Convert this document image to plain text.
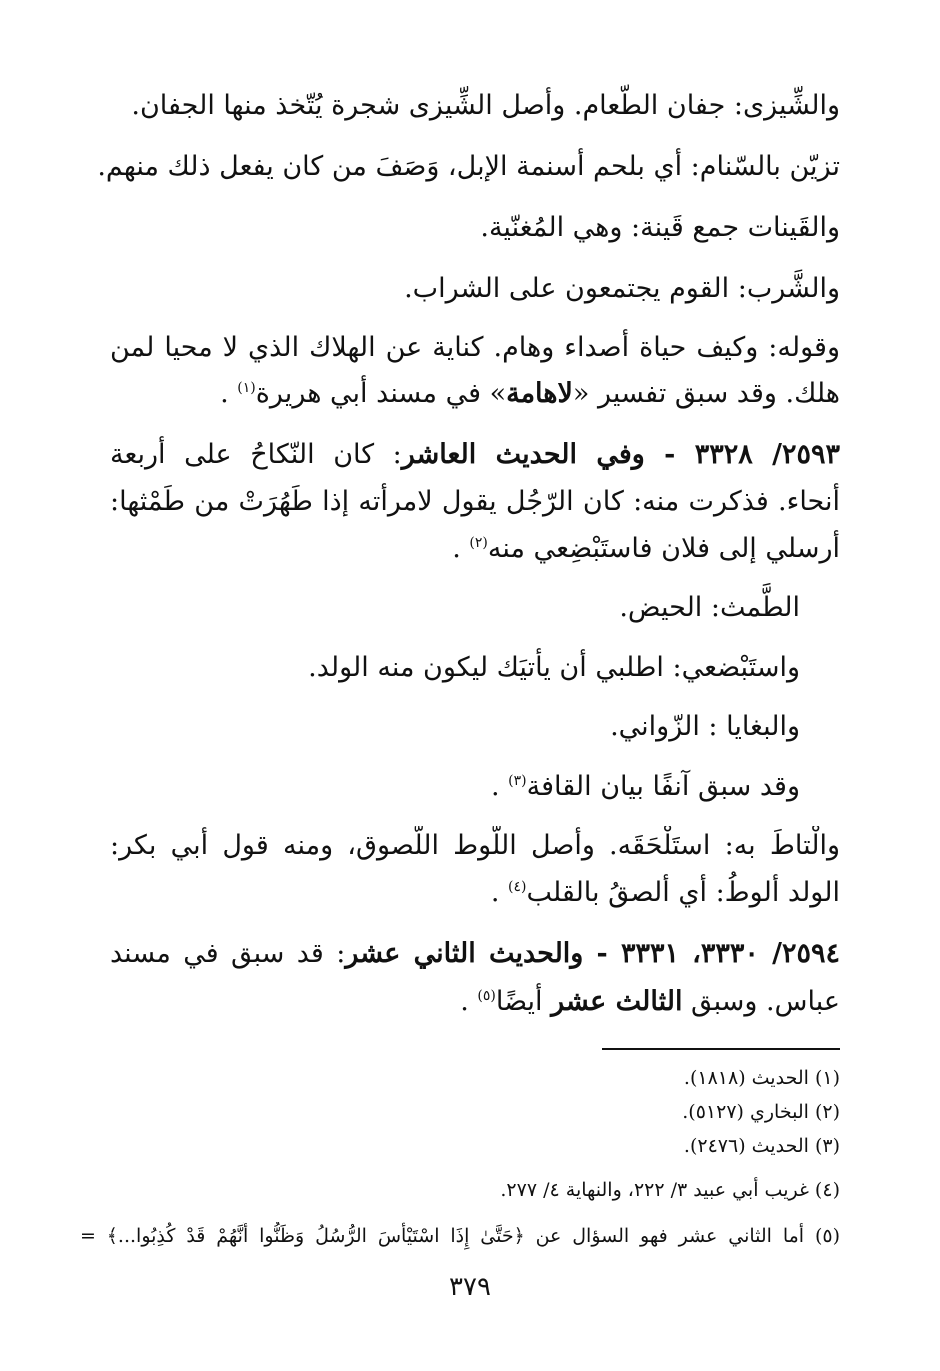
والشِّيزى: جفان الطّعام. وأصل الشِّيزى شجرة يُتّخذ منها الجفان.
تزيّن بالسّنام: أي بلحم أسنمة الإبل، وَصَفَ من كان يفعل ذلك منهم.
والقَينات جمع قَينة: وهي المُغنّية.
والشَّرب: القوم يجتمعون على الشراب.
وقوله: وكيف حياة أصداء وهام. كناية عن الهلاك الذي لا محيا لمن
هلك. وقد سبق تفسير «لاهامة» في مسند أبي هريرة$^{(١)}$ .
٢٥٩٣/ ٣٣٢٨ - وفي الحديث العاشر: كان النّكاحُ على أربعة
أنحاء. فذكرت منه: كان الرّجُل يقول لامرأته إذا طَهُرَتْ من طَمْثها:
أرسلي إلى فلان فاستَبْضِعي منه$^{(٢)}$ .
الطَّمث: الحيض.
واستَبْضعي: اطلبي أن يأتيَك ليكون منه الولد.
والبغايا : الزّواني.
وقد سبق آنفًا بيان القافة$^{(٣)}$ .
والْتاطَ به: استَلْحَقَه. وأصل اللَّوط اللُّصوق، ومنه قول أبي بكر:
الولد ألوطُ: أي ألصقُ بالقلب$^{(٤)}$ .
٢٥٩٤/ ٣٣٣٠، ٣٣٣١ - والحديث الثاني عشر: قد سبق في مسند
عباس. وسبق الثالث عشر أيضًا$^{(٥)}$ .
(١) الحديث (١٨١٨).
(٢) البخاري (٥١٢٧).
(٣) الحديث (٢٤٧٦).
(٤) غريب أبي عبيد ٣/ ٢٢٢، والنهاية ٤/ ٢٧٧.
(٥) أما الثاني عشر فهو السؤال عن ﴿حَتَّىٰ إِذَا اسْتَيْأَسَ الرُّسُلُ وَظَنُّوا أَنَّهُمْ قَدْ كُذِبُوا...﴾ =
٣٧٩
